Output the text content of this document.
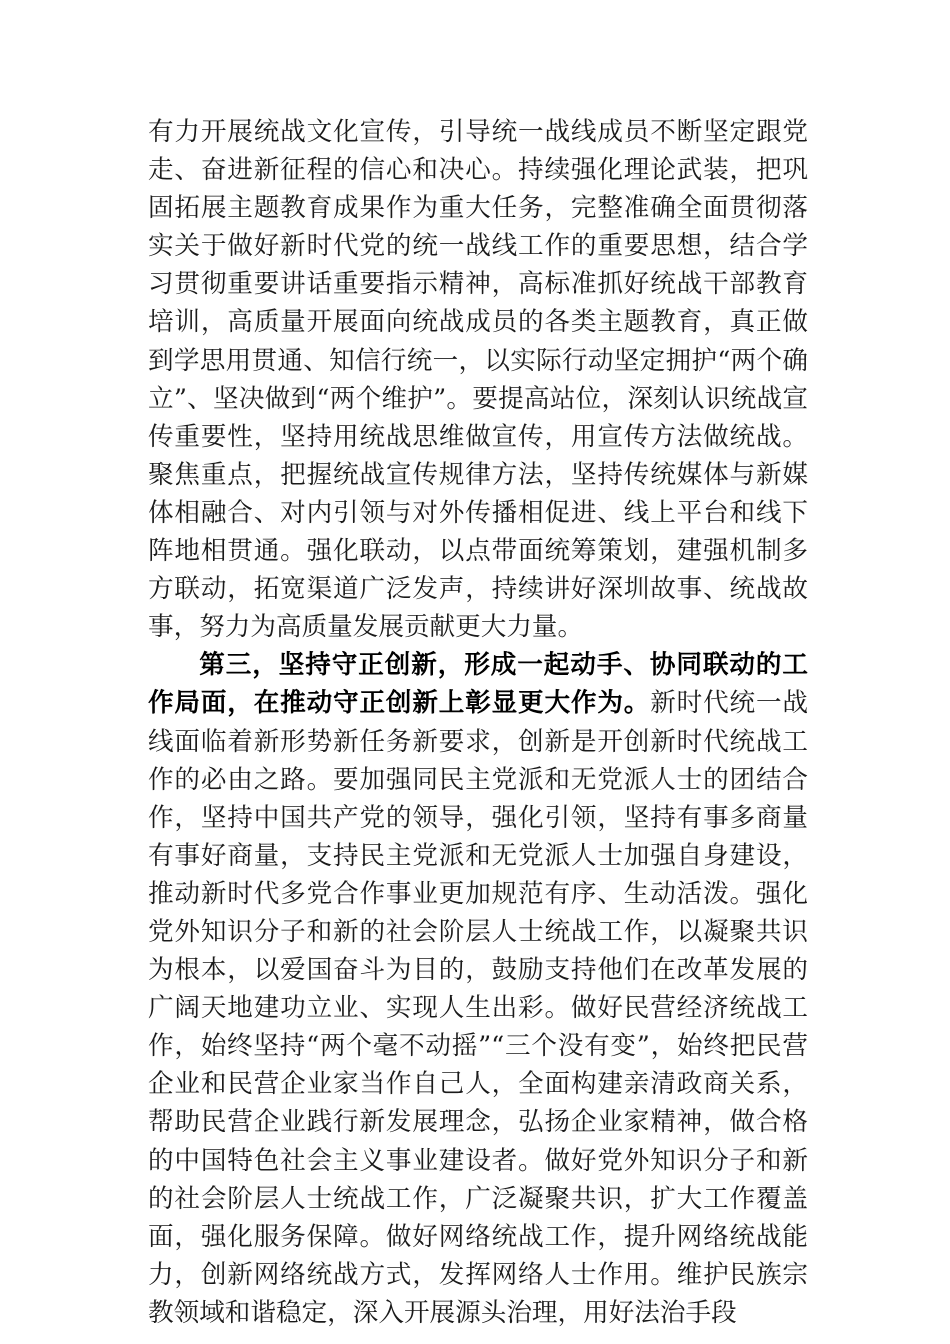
有力开展统战文化宣传，引导统一战线成员不断坚定跟党走、奋进新征程的信心和决心。持续强化理论武装，把巩固拓展主题教育成果作为重大任务，完整准确全面贯彻落实关于做好新时代党的统一战线工作的重要思想，结合学习贯彻重要讲话重要指示精神，高标准抓好统战干部教育培训，高质量开展面向统战成员的各类主题教育，真正做到学思用贯通、知信行统一，以实际行动坚定拥护“两个确立”、坚决做到“两个维护”。要提高站位，深刻认识统战宣传重要性，坚持用统战思维做宣传，用宣传方法做统战。聚焦重点，把握统战宣传规律方法，坚持传统媒体与新媒体相融合、对内引领与对外传播相促进、线上平台和线下阵地相贯通。强化联动，以点带面统筹策划，建强机制多方联动，拓宽渠道广泛发声，持续讲好深圳故事、统战故事，努力为高质量发展贡献更大力量。

第三，坚持守正创新，形成一起动手、协同联动的工作局面，在推动守正创新上彰显更大作为。新时代统一战线面临着新形势新任务新要求，创新是开创新时代统战工作的必由之路。要加强同民主党派和无党派人士的团结合作，坚持中国共产党的领导，强化引领，坚持有事多商量有事好商量，支持民主党派和无党派人士加强自身建设，推动新时代多党合作事业更加规范有序、生动活泼。强化党外知识分子和新的社会阶层人士统战工作，以凝聚共识为根本，以爱国奋斗为目的，鼓励支持他们在改革发展的广阔天地建功立业、实现人生出彩。做好民营经济统战工作，始终坚持“两个毫不动摇”“三个没有变”，始终把民营企业和民营企业家当作自己人，全面构建亲清政商关系，帮助民营企业践行新发展理念，弘扬企业家精神，做合格的中国特色社会主义事业建设者。做好党外知识分子和新的社会阶层人士统战工作，广泛凝聚共识，扩大工作覆盖面，强化服务保障。做好网络统战工作，提升网络统战能力，创新网络统战方式，发挥网络人士作用。维护民族宗教领域和谐稳定，深入开展源头治理，用好法治手段
